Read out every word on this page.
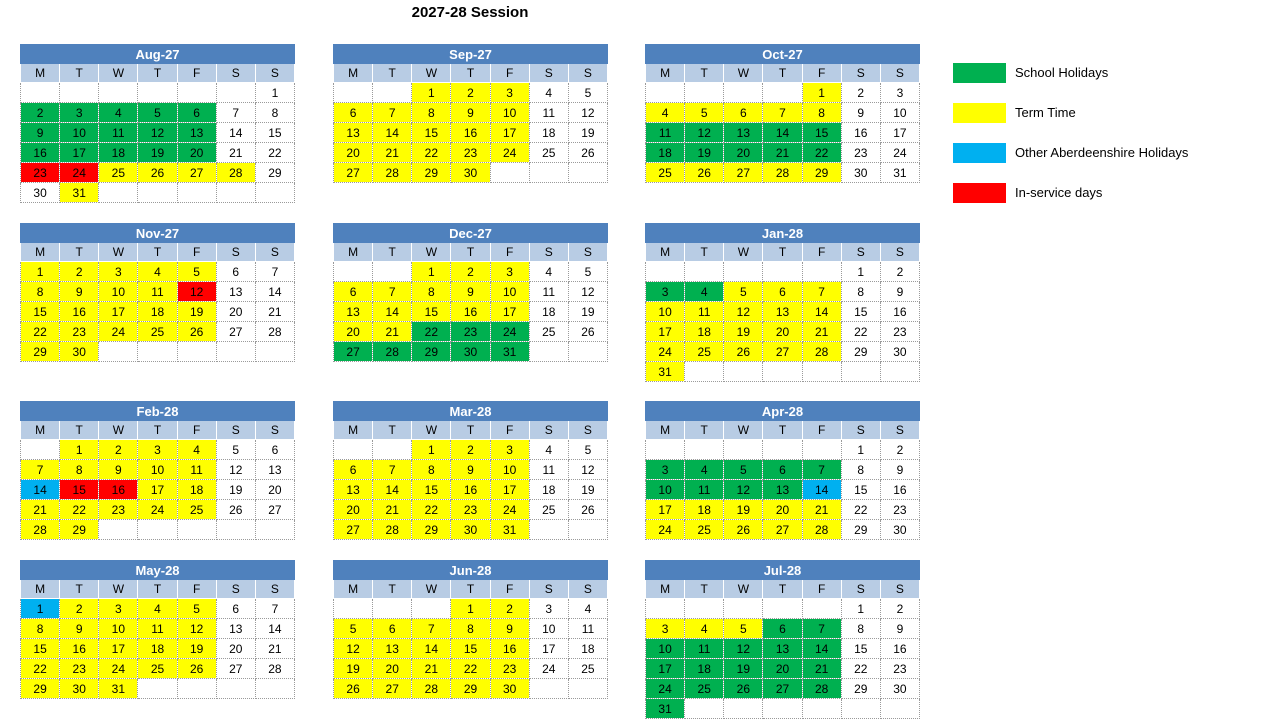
2027-28 Session
Aug-27						
M	T	W	T	F	S	S
						1
2	3	4	5	6	7	8
9	10	11	12	13	14	15
16	17	18	19	20	21	22
23	24	25	26	27	28	29
30	31					
Sep-27						
M	T	W	T	F	S	S
		1	2	3	4	5
6	7	8	9	10	11	12
13	14	15	16	17	18	19
20	21	22	23	24	25	26
27	28	29	30			
Oct-27						
M	T	W	T	F	S	S
				1	2	3
4	5	6	7	8	9	10
11	12	13	14	15	16	17
18	19	20	21	22	23	24
25	26	27	28	29	30	31
Nov-27						
M	T	W	T	F	S	S
1	2	3	4	5	6	7
8	9	10	11	12	13	14
15	16	17	18	19	20	21
22	23	24	25	26	27	28
29	30					
Dec-27						
M	T	W	T	F	S	S
		1	2	3	4	5
6	7	8	9	10	11	12
13	14	15	16	17	18	19
20	21	22	23	24	25	26
27	28	29	30	31		
Jan-28						
M	T	W	T	F	S	S
					1	2
3	4	5	6	7	8	9
10	11	12	13	14	15	16
17	18	19	20	21	22	23
24	25	26	27	28	29	30
31						
Feb-28						
M	T	W	T	F	S	S
	1	2	3	4	5	6
7	8	9	10	11	12	13
14	15	16	17	18	19	20
21	22	23	24	25	26	27
28	29					
Mar-28						
M	T	W	T	F	S	S
		1	2	3	4	5
6	7	8	9	10	11	12
13	14	15	16	17	18	19
20	21	22	23	24	25	26
27	28	29	30	31		
Apr-28						
M	T	W	T	F	S	S
					1	2
3	4	5	6	7	8	9
10	11	12	13	14	15	16
17	18	19	20	21	22	23
24	25	26	27	28	29	30
May-28						
M	T	W	T	F	S	S
1	2	3	4	5	6	7
8	9	10	11	12	13	14
15	16	17	18	19	20	21
22	23	24	25	26	27	28
29	30	31				
Jun-28						
M	T	W	T	F	S	S
			1	2	3	4
5	6	7	8	9	10	11
12	13	14	15	16	17	18
19	20	21	22	23	24	25
26	27	28	29	30		
Jul-28						
M	T	W	T	F	S	S
					1	2
3	4	5	6	7	8	9
10	11	12	13	14	15	16
17	18	19	20	21	22	23
24	25	26	27	28	29	30
31						
School Holidays
Term Time
Other Aberdeenshire Holidays
In-service days
